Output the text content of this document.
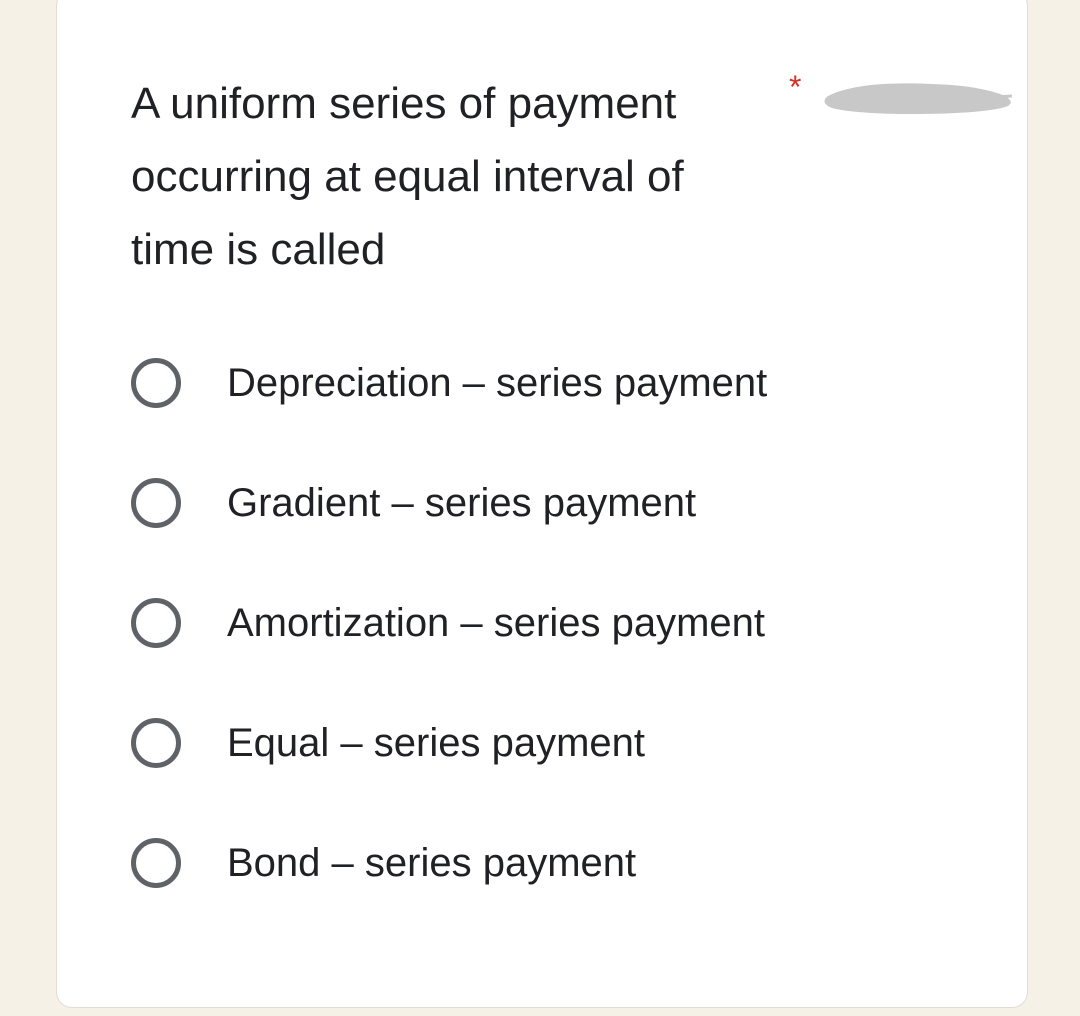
A uniform series of payment
occurring at equal interval of
time is called
*
Depreciation – series payment
Gradient – series payment
Amortization – series payment
Equal – series payment
Bond – series payment
